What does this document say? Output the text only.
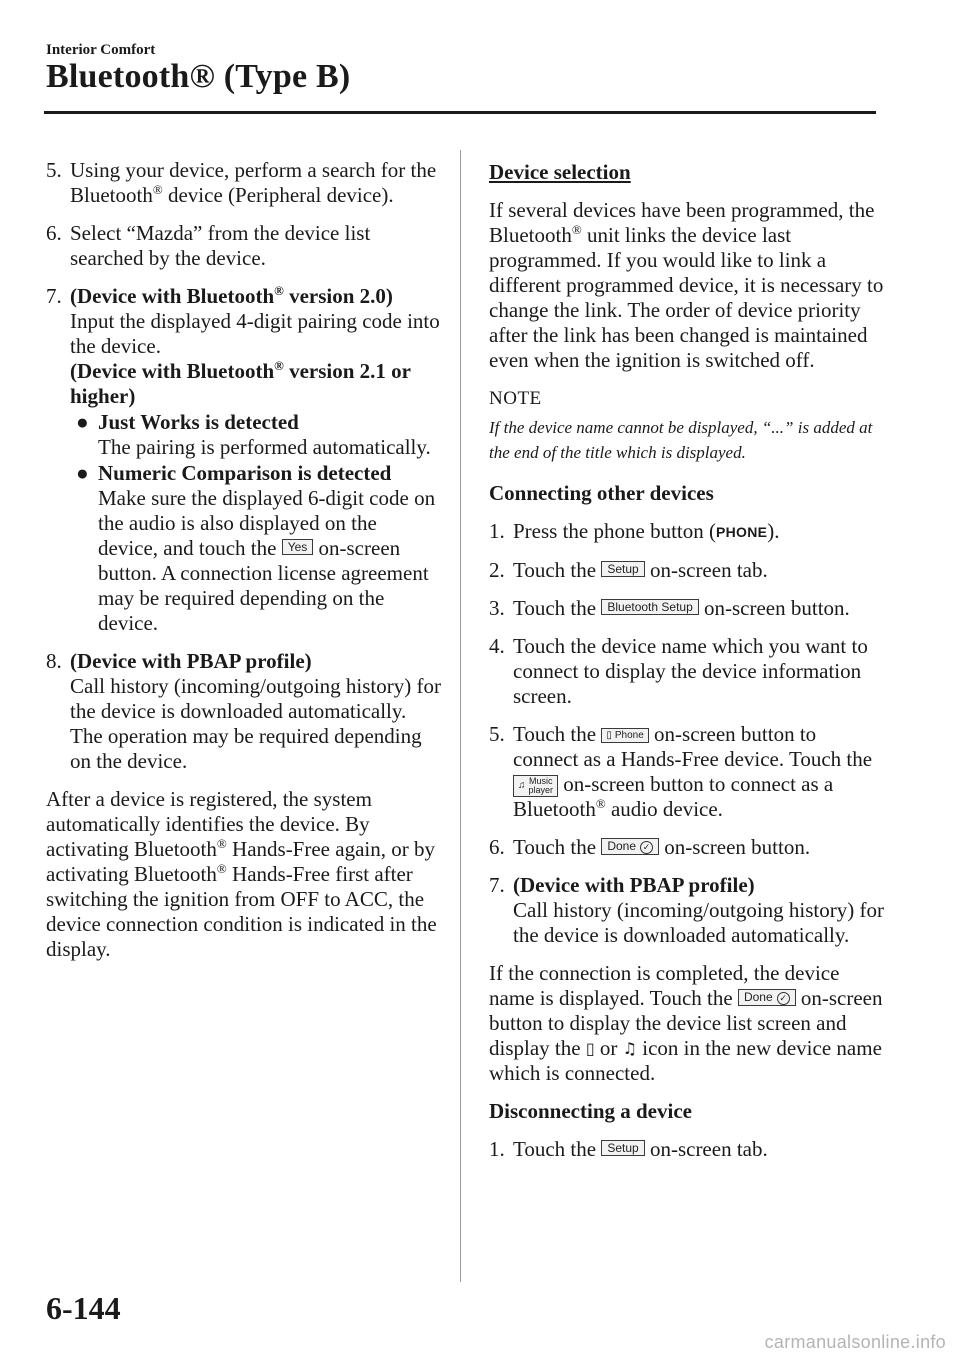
Interior Comfort
Bluetooth® (Type B)
5. Using your device, perform a search for the Bluetooth® device (Peripheral device).
6. Select “Mazda” from the device list searched by the device.
7. (Device with Bluetooth® version 2.0)
Input the displayed 4-digit pairing code into the device.
(Device with Bluetooth® version 2.1 or higher)
● Just Works is detected
The pairing is performed automatically.
● Numeric Comparison is detected
Make sure the displayed 6-digit code on the audio is also displayed on the device, and touch the Yes on-screen button. A connection license agreement may be required depending on the device.
8. (Device with PBAP profile)
Call history (incoming/outgoing history) for the device is downloaded automatically. The operation may be required depending on the device.

After a device is registered, the system automatically identifies the device. By activating Bluetooth® Hands-Free again, or by activating Bluetooth® Hands-Free first after switching the ignition from OFF to ACC, the device connection condition is indicated in the display.

Device selection

If several devices have been programmed, the Bluetooth® unit links the device last programmed. If you would like to link a different programmed device, it is necessary to change the link. The order of device priority after the link has been changed is maintained even when the ignition is switched off.

NOTE
If the device name cannot be displayed, “...” is added at the end of the title which is displayed.
Connecting other devices
1. Press the phone button (PHONE).
2. Touch the Setup on-screen tab.
3. Touch the Bluetooth Setup on-screen button.
4. Touch the device name which you want to connect to display the device information screen.
5. Touch the ▯ Phone on-screen button to connect as a Hands-Free device. Touch the
♫ Music
player on-screen button to connect as a Bluetooth® audio device.
6. Touch the Done ✓ on-screen button.
7. (Device with PBAP profile)
Call history (incoming/outgoing history) for the device is downloaded automatically.

If the connection is completed, the device name is displayed. Touch the Done ✓ on-screen button to display the device list screen and display the ▯ or ♫ icon in the new device name which is connected.

Disconnecting a device
1. Touch the Setup on-screen tab.
6-144
carmanualsonline.info
